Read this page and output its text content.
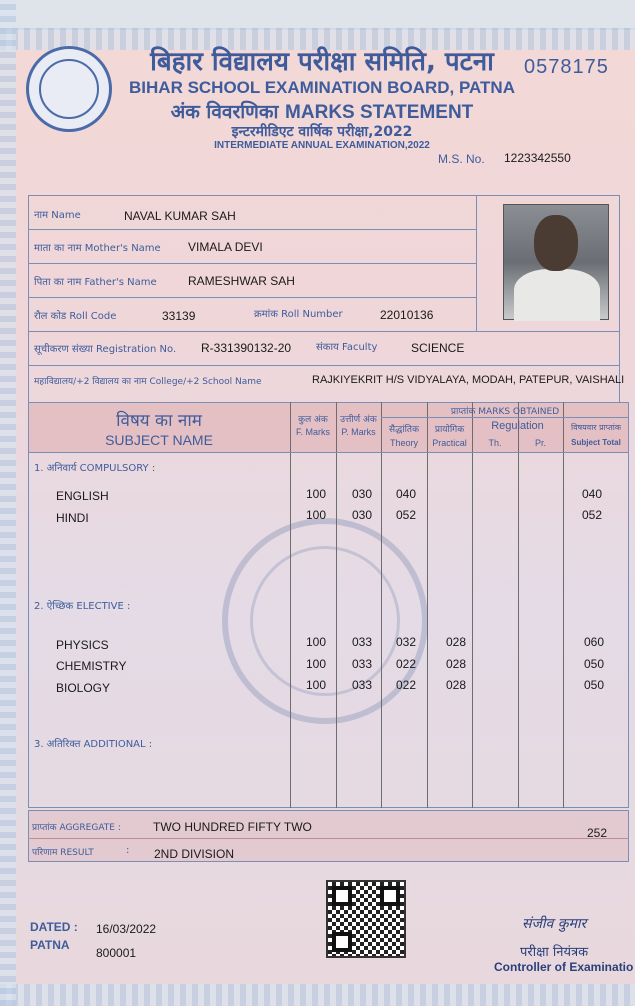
बिहार विद्यालय परीक्षा समिति, पटना
BIHAR SCHOOL EXAMINATION BOARD, PATNA
अंक विवरणिका MARKS STATEMENT
इन्टरमीडिएट वार्षिक परीक्षा,2022
INTERMEDIATE ANNUAL EXAMINATION,2022
0578175
M.S. No. 1223342550
नाम Name	NAVAL KUMAR SAH
माता का नाम Mother's Name VIMALA DEVI
पिता का नाम Father's Name	RAMESHWAR SAH
रौल कोड Roll Code	33139	क्रमांक Roll Number	22010136
सूचीकरण संख्या Registration No. R-331390132-20 संकाय Faculty	SCIENCE
महाविद्यालय/+2 विद्यालय का नाम College/+2 School Name	RAJKIYEKRIT H/S VIDYALAYA, MODAH, PATEPUR, VAISHALI
विषय का नाम
SUBJECT NAME
कुल अंक
F. Marks
उत्तीर्ण अंक
P. Marks
प्राप्तांक MARKS OBTAINED
सैद्धांतिक
Theory
प्रायोगिक
Practical
Regulation
Th.	Pr.
विषयवार प्राप्तांक
Subject Total
1. अनिवार्य COMPULSORY :
2. ऐच्छिक ELECTIVE :
3. अतिरिक्त ADDITIONAL :
ENGLISH	100 030 040	040
HINDI	100 030 052	052
PHYSICS	100 033 032 028	060
CHEMISTRY	100 033 022 028	050
BIOLOGY	100 033 022 028	050
प्राप्तांक AGGREGATE :	TWO HUNDRED FIFTY TWO	252
परिणाम RESULT	: 2ND DIVISION
DATED : 16/03/2022
PATNA
800001
संजीव कुमार
परीक्षा नियंत्रक
Controller of Examinatio
